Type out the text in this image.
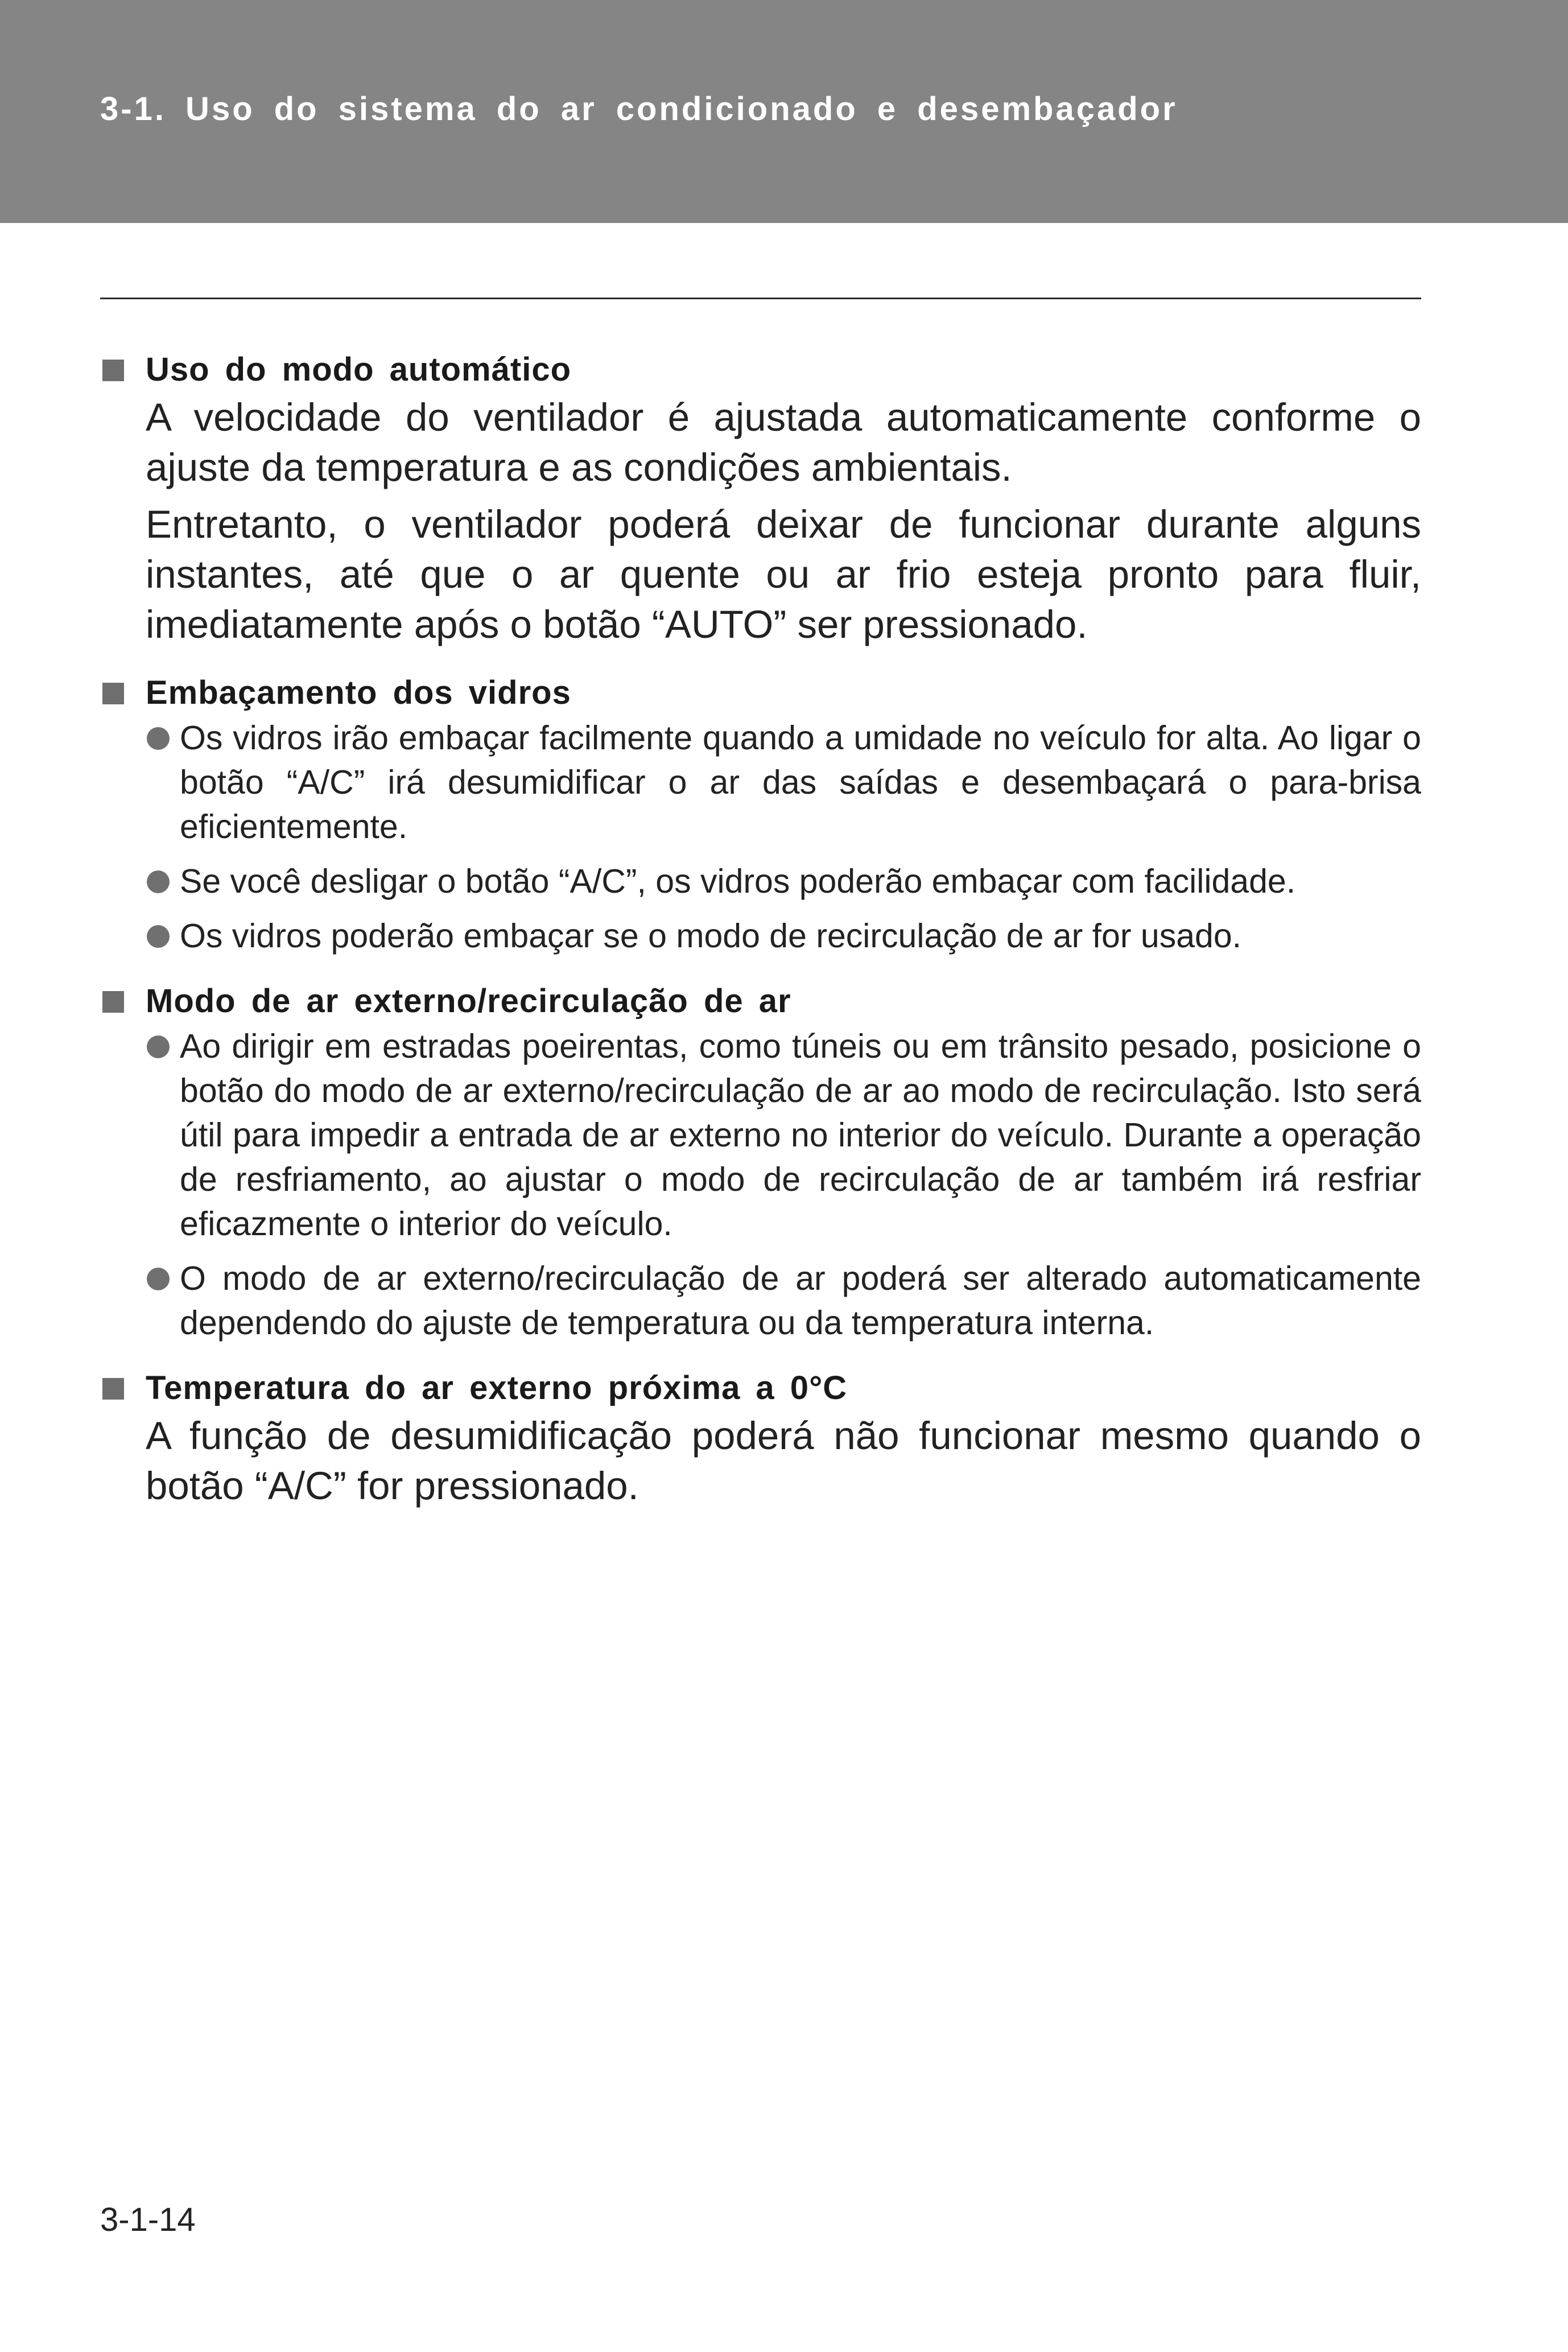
3-1. Uso do sistema do ar condicionado e desembaçador
Uso do modo automático

A velocidade do ventilador é ajustada automaticamente conforme o ajuste da temperatura e as condições ambientais.

Entretanto, o ventilador poderá deixar de funcionar durante alguns instantes, até que o ar quente ou ar frio esteja pronto para fluir, imediatamente após o botão “AUTO” ser pressionado.

Embaçamento dos vidros
Os vidros irão embaçar facilmente quando a umidade no veículo for alta. Ao ligar o botão “A/C” irá desumidificar o ar das saídas e desembaçará o para-brisa eficientemente.
Se você desligar o botão “A/C”, os vidros poderão embaçar com facilidade.
Os vidros poderão embaçar se o modo de recirculação de ar for usado.
Modo de ar externo/recirculação de ar
Ao dirigir em estradas poeirentas, como túneis ou em trânsito pesado, posicione o botão do modo de ar externo/recirculação de ar ao modo de recirculação. Isto será útil para impedir a entrada de ar externo no interior do veículo. Durante a operação de resfriamento, ao ajustar o modo de recirculação de ar também irá resfriar eficazmente o interior do veículo.
O modo de ar externo/recirculação de ar poderá ser alterado automaticamente dependendo do ajuste de temperatura ou da temperatura interna.
Temperatura do ar externo próxima a 0°C

A função de desumidificação poderá não funcionar mesmo quando o botão “A/C” for pressionado.

3-1-14
